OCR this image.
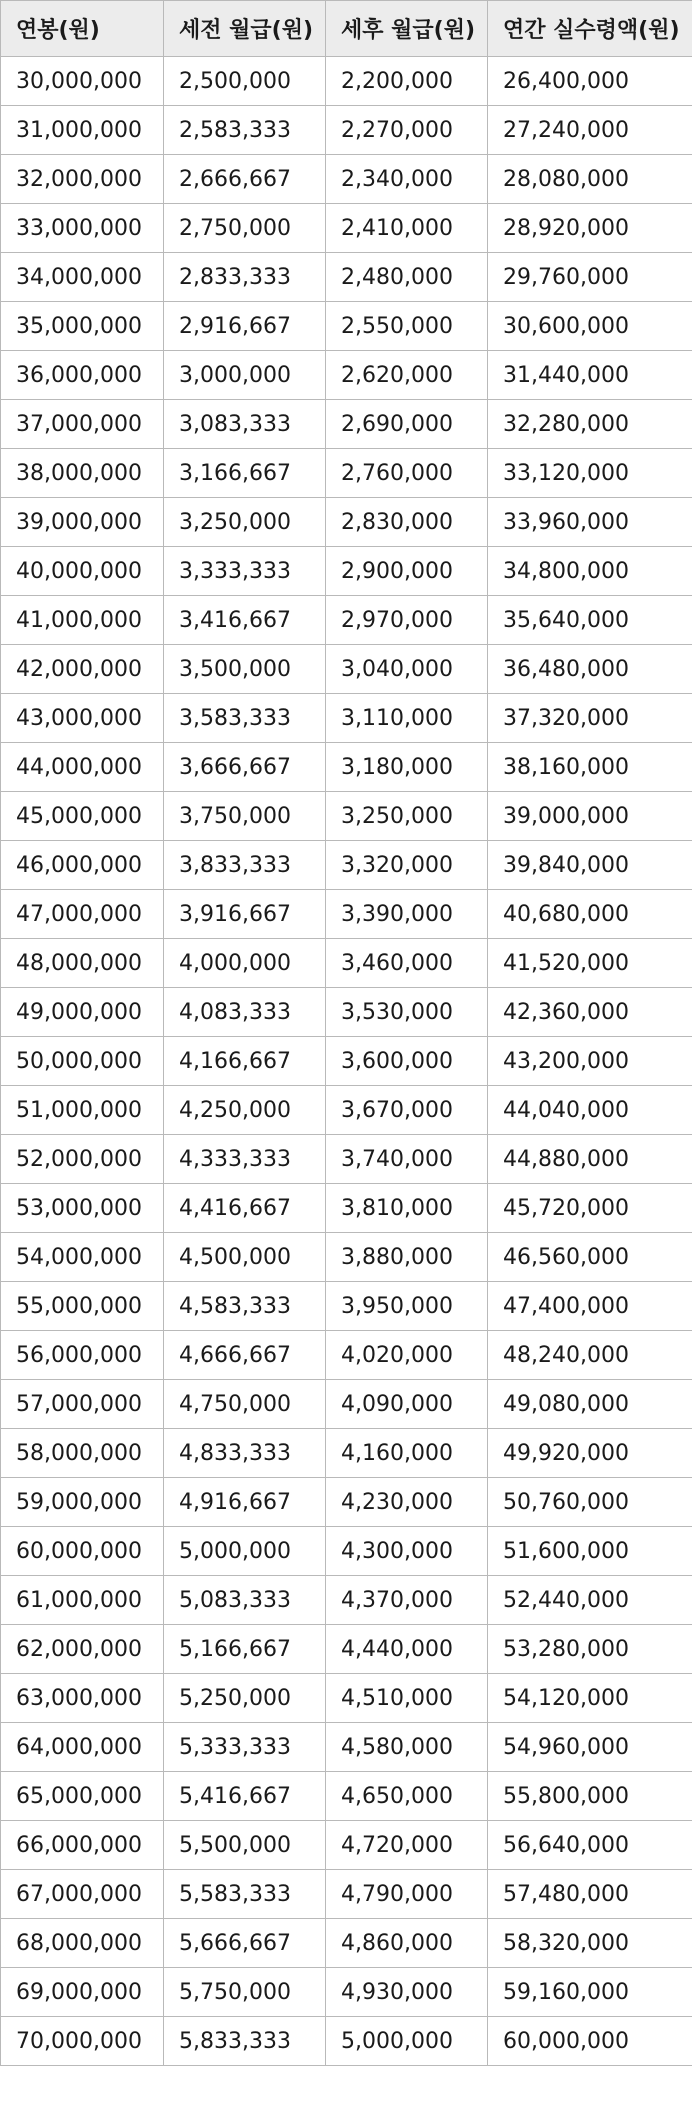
연봉(원)	세전 월급(원)	세후 월급(원)	연간 실수령액(원)
30,000,000	2,500,000	2,200,000	26,400,000
31,000,000	2,583,333	2,270,000	27,240,000
32,000,000	2,666,667	2,340,000	28,080,000
33,000,000	2,750,000	2,410,000	28,920,000
34,000,000	2,833,333	2,480,000	29,760,000
35,000,000	2,916,667	2,550,000	30,600,000
36,000,000	3,000,000	2,620,000	31,440,000
37,000,000	3,083,333	2,690,000	32,280,000
38,000,000	3,166,667	2,760,000	33,120,000
39,000,000	3,250,000	2,830,000	33,960,000
40,000,000	3,333,333	2,900,000	34,800,000
41,000,000	3,416,667	2,970,000	35,640,000
42,000,000	3,500,000	3,040,000	36,480,000
43,000,000	3,583,333	3,110,000	37,320,000
44,000,000	3,666,667	3,180,000	38,160,000
45,000,000	3,750,000	3,250,000	39,000,000
46,000,000	3,833,333	3,320,000	39,840,000
47,000,000	3,916,667	3,390,000	40,680,000
48,000,000	4,000,000	3,460,000	41,520,000
49,000,000	4,083,333	3,530,000	42,360,000
50,000,000	4,166,667	3,600,000	43,200,000
51,000,000	4,250,000	3,670,000	44,040,000
52,000,000	4,333,333	3,740,000	44,880,000
53,000,000	4,416,667	3,810,000	45,720,000
54,000,000	4,500,000	3,880,000	46,560,000
55,000,000	4,583,333	3,950,000	47,400,000
56,000,000	4,666,667	4,020,000	48,240,000
57,000,000	4,750,000	4,090,000	49,080,000
58,000,000	4,833,333	4,160,000	49,920,000
59,000,000	4,916,667	4,230,000	50,760,000
60,000,000	5,000,000	4,300,000	51,600,000
61,000,000	5,083,333	4,370,000	52,440,000
62,000,000	5,166,667	4,440,000	53,280,000
63,000,000	5,250,000	4,510,000	54,120,000
64,000,000	5,333,333	4,580,000	54,960,000
65,000,000	5,416,667	4,650,000	55,800,000
66,000,000	5,500,000	4,720,000	56,640,000
67,000,000	5,583,333	4,790,000	57,480,000
68,000,000	5,666,667	4,860,000	58,320,000
69,000,000	5,750,000	4,930,000	59,160,000
70,000,000	5,833,333	5,000,000	60,000,000
